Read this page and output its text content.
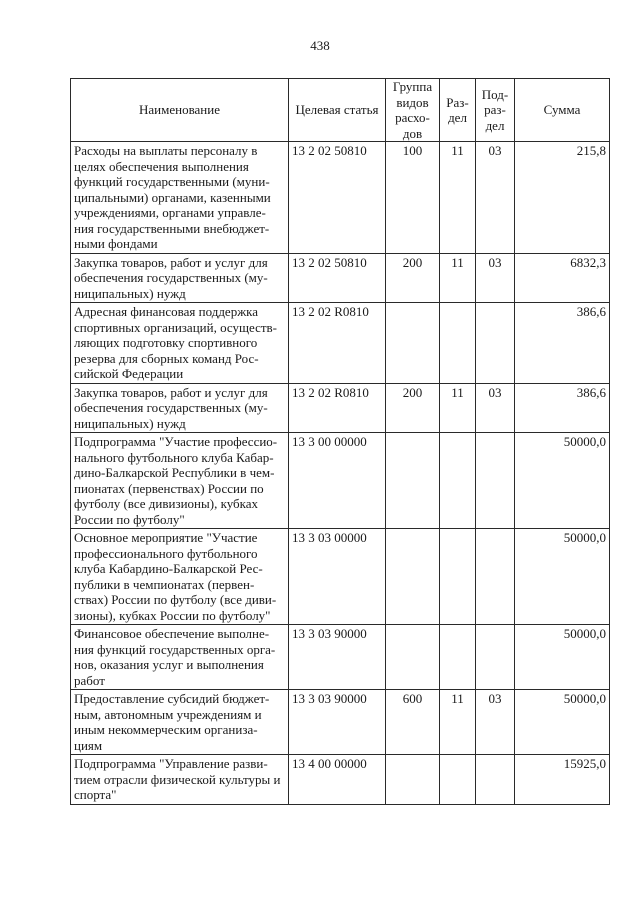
438
Наименование	Целевая статья	Группа видов расхо- дов	Раз- дел	Под- раз- дел	Сумма
Расходы на выплаты персоналу в целях обеспечения выполнения функций государственными (муни- ципальными) органами, казенными учреждениями, органами управле- ния государственными внебюджет- ными фондами	13 2 02 50810	100	11	03	215,8
Закупка товаров, работ и услуг для обеспечения государственных (му- ниципальных) нужд	13 2 02 50810	200	11	03	6832,3
Адресная финансовая поддержка спортивных организаций, осуществ- ляющих подготовку спортивного резерва для сборных команд Рос- сийской Федерации	13 2 02 R0810				386,6
Закупка товаров, работ и услуг для обеспечения государственных (му- ниципальных) нужд	13 2 02 R0810	200	11	03	386,6
Подпрограмма "Участие профессио- нального футбольного клуба Кабар- дино-Балкарской Республики в чем- пионатах (первенствах) России по футболу (все дивизионы), кубках России по футболу"	13 3 00 00000				50000,0
Основное мероприятие "Участие профессионального футбольного клуба Кабардино-Балкарской Рес- публики в чемпионатах (первен- ствах) России по футболу (все диви- зионы), кубках России по футболу"	13 3 03 00000				50000,0
Финансовое обеспечение выполне- ния функций государственных орга- нов, оказания услуг и выполнения работ	13 3 03 90000				50000,0
Предоставление субсидий бюджет- ным, автономным учреждениям и иным некоммерческим организа- циям	13 3 03 90000	600	11	03	50000,0
Подпрограмма "Управление разви- тием отрасли физической культуры и спорта"	13 4 00 00000				15925,0
